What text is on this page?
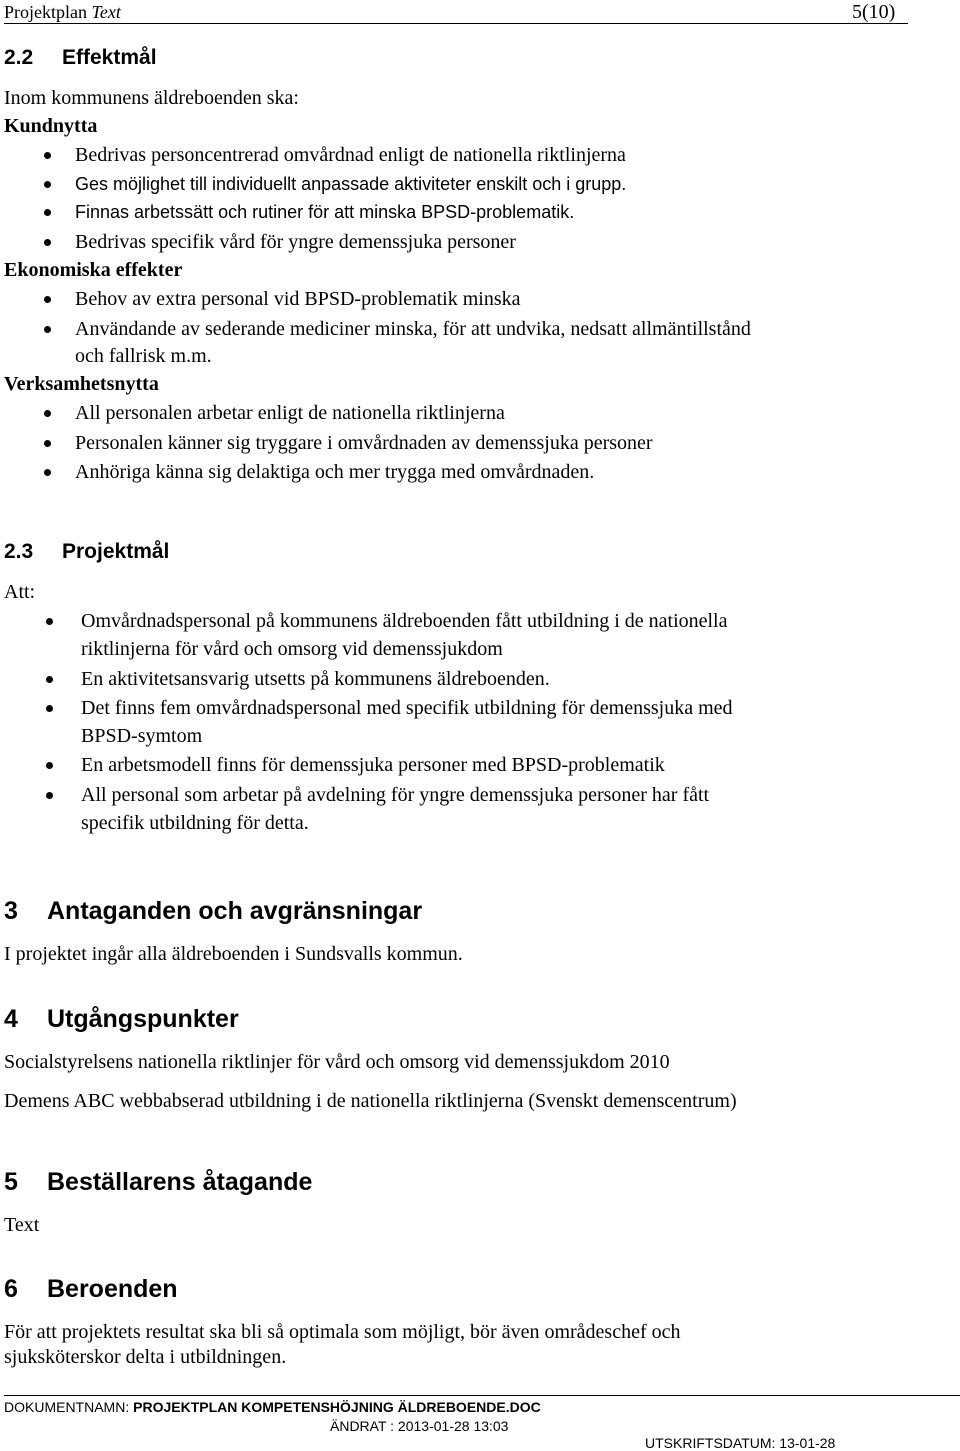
Projektplan Text	5(10)
2.2 Effektmål
Inom kommunens äldreboenden ska:
Kundnytta
Bedrivas personcentrerad omvårdnad enligt de nationella riktlinjerna
Ges möjlighet till individuellt anpassade aktiviteter enskilt och i grupp.
Finnas arbetssätt och rutiner för att minska BPSD-problematik.
Bedrivas specifik vård för yngre demenssjuka personer
Ekonomiska effekter
Behov av extra personal vid BPSD-problematik minska
Användande av sederande mediciner minska, för att undvika, nedsatt allmäntillstånd
och fallrisk m.m.
Verksamhetsnytta
All personalen arbetar enligt de nationella riktlinjerna
Personalen känner sig tryggare i omvårdnaden av demenssjuka personer
Anhöriga känna sig delaktiga och mer trygga med omvårdnaden.
2.3 Projektmål
Att:
Omvårdnadspersonal på kommunens äldreboenden fått utbildning i de nationella
riktlinjerna för vård och omsorg vid demenssjukdom
En aktivitetsansvarig utsetts på kommunens äldreboenden.
Det finns fem omvårdnadspersonal med specifik utbildning för demenssjuka med
BPSD-symtom
En arbetsmodell finns för demenssjuka personer med BPSD-problematik
All personal som arbetar på avdelning för yngre demenssjuka personer har fått
specifik utbildning för detta.
3 Antaganden och avgränsningar
I projektet ingår alla äldreboenden i Sundsvalls kommun.
4 Utgångspunkter
Socialstyrelsens nationella riktlinjer för vård och omsorg vid demenssjukdom 2010
Demens ABC webbabserad utbildning i de nationella riktlinjerna (Svenskt demenscentrum)
5 Beställarens åtagande
Text
6 Beroenden
För att projektets resultat ska bli så optimala som möjligt, bör även områdeschef och
sjuksköterskor delta i utbildningen.
DOKUMENTNAMN: PROJEKTPLAN KOMPETENSHÖJNING ÄLDREBOENDE.DOC
ÄNDRAT : 2013-01-28 13:03
UTSKRIFTSDATUM: 13-01-28
